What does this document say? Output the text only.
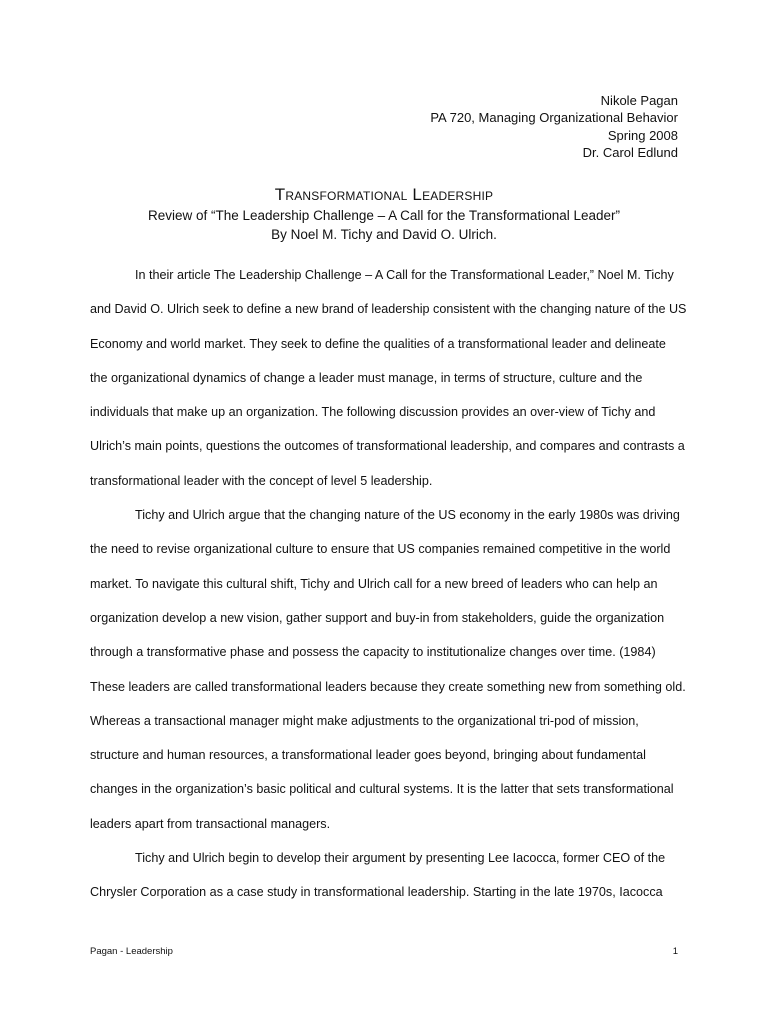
Nikole Pagan
PA 720, Managing Organizational Behavior
Spring 2008
Dr. Carol Edlund
Transformational Leadership
Review of “The Leadership Challenge – A Call for the Transformational Leader”
By Noel M. Tichy and David O. Ulrich.
In their article The Leadership Challenge – A Call for the Transformational Leader,” Noel M. Tichy
and David O. Ulrich seek to define a new brand of leadership consistent with the changing nature of the US
Economy and world market. They seek to define the qualities of a transformational leader and delineate
the organizational dynamics of change a leader must manage, in terms of structure, culture and the
individuals that make up an organization. The following discussion provides an over-view of Tichy and
Ulrich’s main points, questions the outcomes of transformational leadership, and compares and contrasts a
transformational leader with the concept of level 5 leadership.
Tichy and Ulrich argue that the changing nature of the US economy in the early 1980s was driving
the need to revise organizational culture to ensure that US companies remained competitive in the world
market. To navigate this cultural shift, Tichy and Ulrich call for a new breed of leaders who can help an
organization develop a new vision, gather support and buy-in from stakeholders, guide the organization
through a transformative phase and possess the capacity to institutionalize changes over time. (1984)
These leaders are called transformational leaders because they create something new from something old.
Whereas a transactional manager might make adjustments to the organizational tri-pod of mission,
structure and human resources, a transformational leader goes beyond, bringing about fundamental
changes in the organization’s basic political and cultural systems. It is the latter that sets transformational
leaders apart from transactional managers.
Tichy and Ulrich begin to develop their argument by presenting Lee Iacocca, former CEO of the
Chrysler Corporation as a case study in transformational leadership. Starting in the late 1970s, Iacocca
Pagan - Leadership	1
